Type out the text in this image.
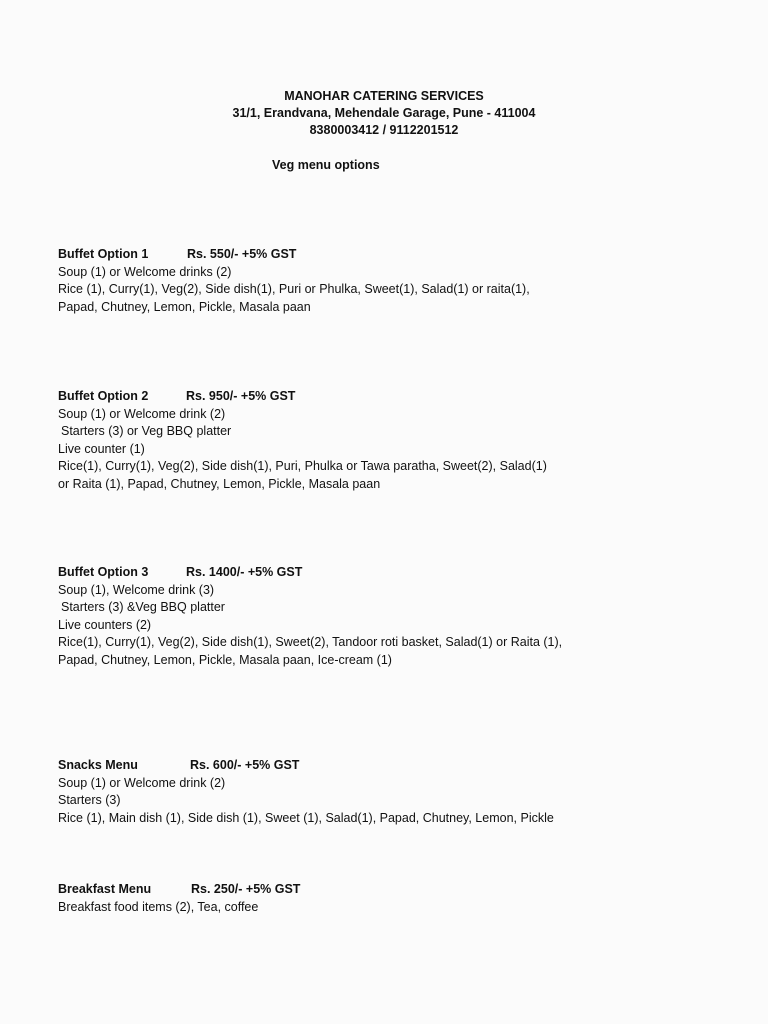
MANOHAR CATERING SERVICES
31/1, Erandvana, Mehendale Garage, Pune - 411004
8380003412 / 9112201512
Veg menu options
Buffet Option 1	Rs. 550/- +5% GST
Soup (1) or Welcome drinks (2)
Rice (1), Curry(1), Veg(2), Side dish(1), Puri or Phulka, Sweet(1), Salad(1) or raita(1),
Papad, Chutney, Lemon, Pickle, Masala paan
Buffet Option 2	Rs. 950/- +5% GST
Soup (1) or Welcome drink (2)
Starters (3) or Veg BBQ platter
Live counter (1)
Rice(1), Curry(1), Veg(2), Side dish(1), Puri, Phulka or Tawa paratha, Sweet(2), Salad(1)
or Raita (1), Papad, Chutney, Lemon, Pickle, Masala paan
Buffet Option 3	Rs. 1400/- +5% GST
Soup (1), Welcome drink (3)
Starters (3) &Veg BBQ platter
Live counters (2)
Rice(1), Curry(1), Veg(2), Side dish(1), Sweet(2), Tandoor roti basket, Salad(1) or Raita (1),
Papad, Chutney, Lemon, Pickle, Masala paan, Ice-cream (1)
Snacks Menu	Rs. 600/- +5% GST
Soup (1) or Welcome drink (2)
Starters (3)
Rice (1), Main dish (1), Side dish (1), Sweet (1), Salad(1), Papad, Chutney, Lemon, Pickle
Breakfast Menu	Rs. 250/- +5% GST
Breakfast food items (2), Tea, coffee
